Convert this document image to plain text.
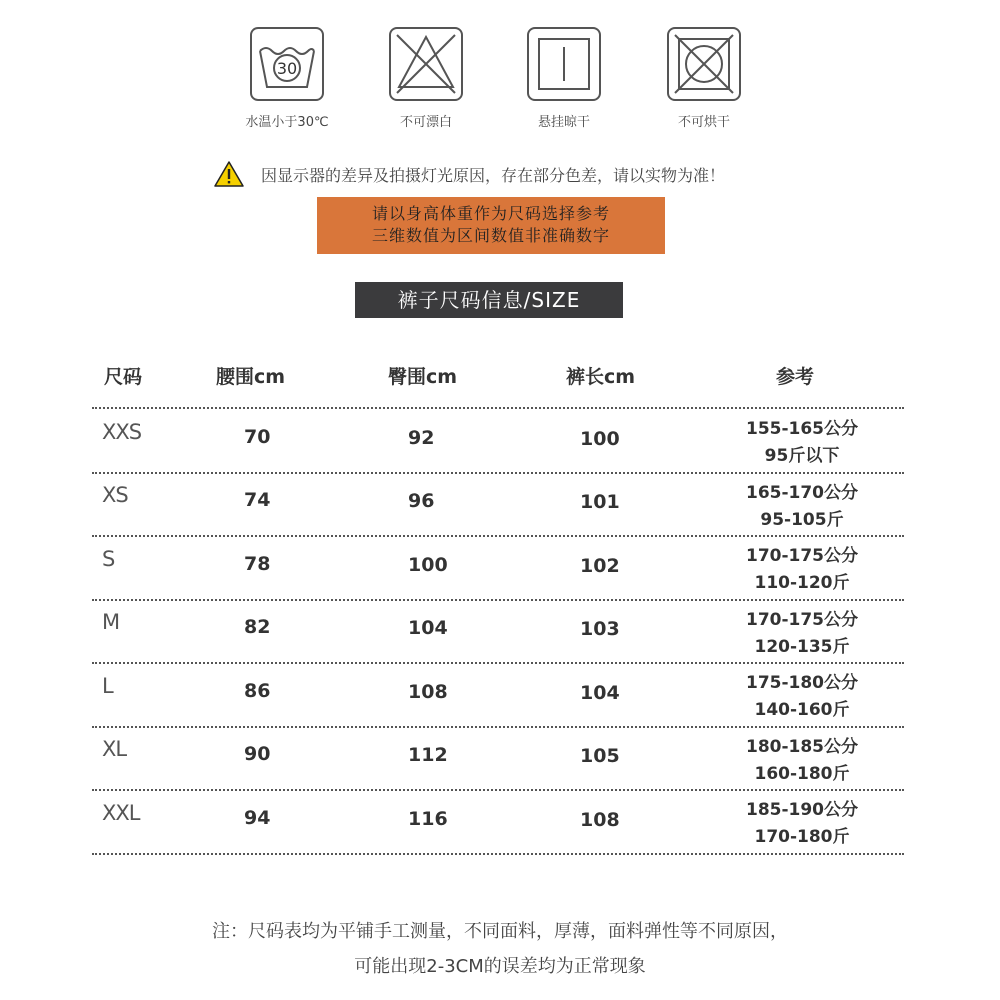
30
水温小于30℃	不可漂白	悬挂晾干	不可烘干
因显示器的差异及拍摄灯光原因，存在部分色差，请以实物为准！
请以身高体重作为尺码选择参考
三维数值为区间数值非准确数字
裤子尺码信息/SIZE
尺码	腰围cm	臀围cm	裤长cm	参考
XXS	70	92	100	155-165公分
95斤以下
XS	74	96	101	165-170公分
95-105斤
S	78	100	102	170-175公分
110-120斤
M	82	104	103	170-175公分
120-135斤
L	86	108	104	175-180公分
140-160斤
XL	90	112	105	180-185公分
160-180斤
XXL	94	116	108	185-190公分
170-180斤
注：尺码表均为平铺手工测量，不同面料，厚薄，面料弹性等不同原因，
可能出现2-3CM的误差均为正常现象
